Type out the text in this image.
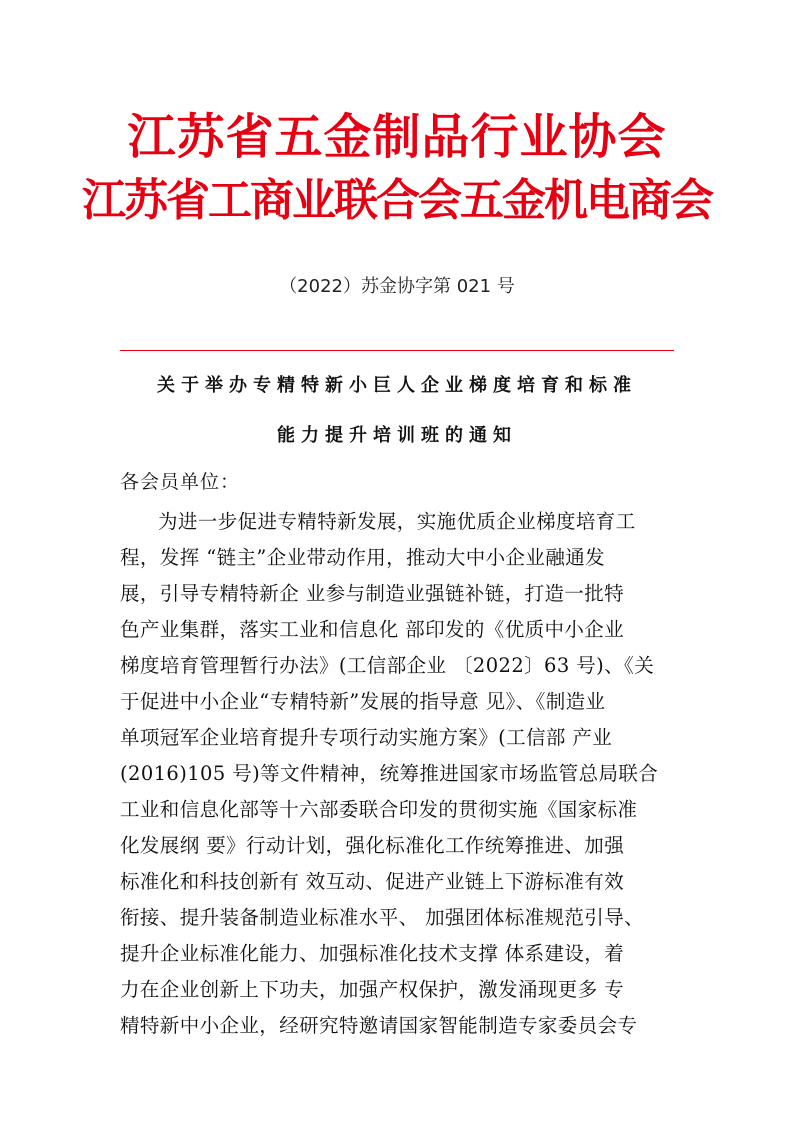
江苏省五金制品行业协会
江苏省工商业联合会五金机电商会
（2022）苏金协字第 021 号
关于举办专精特新小巨人企业梯度培育和标准
能力提升培训班的通知
各会员单位：
为进一步促进专精特新发展，实施优质企业梯度培育工
程，发挥 “链主”企业带动作用，推动大中小企业融通发
展，引导专精特新企 业参与制造业强链补链，打造一批特
色产业集群，落实工业和信息化 部印发的《优质中小企业
梯度培育管理暂行办法》(工信部企业 〔2022〕63 号)、《关
于促进中小企业“专精特新”发展的指导意 见》、《制造业
单项冠军企业培育提升专项行动实施方案》(工信部 产业
(2016)105 号)等文件精神，统筹推进国家市场监管总局联合
工业和信息化部等十六部委联合印发的贯彻实施《国家标准
化发展纲 要》行动计划，强化标准化工作统筹推进、加强
标准化和科技创新有 效互动、促进产业链上下游标准有效
衔接、提升装备制造业标准水平、 加强团体标准规范引导、
提升企业标准化能力、加强标准化技术支撑 体系建设，着
力在企业创新上下功夫，加强产权保护，激发涌现更多 专
精特新中小企业，经研究特邀请国家智能制造专家委员会专
